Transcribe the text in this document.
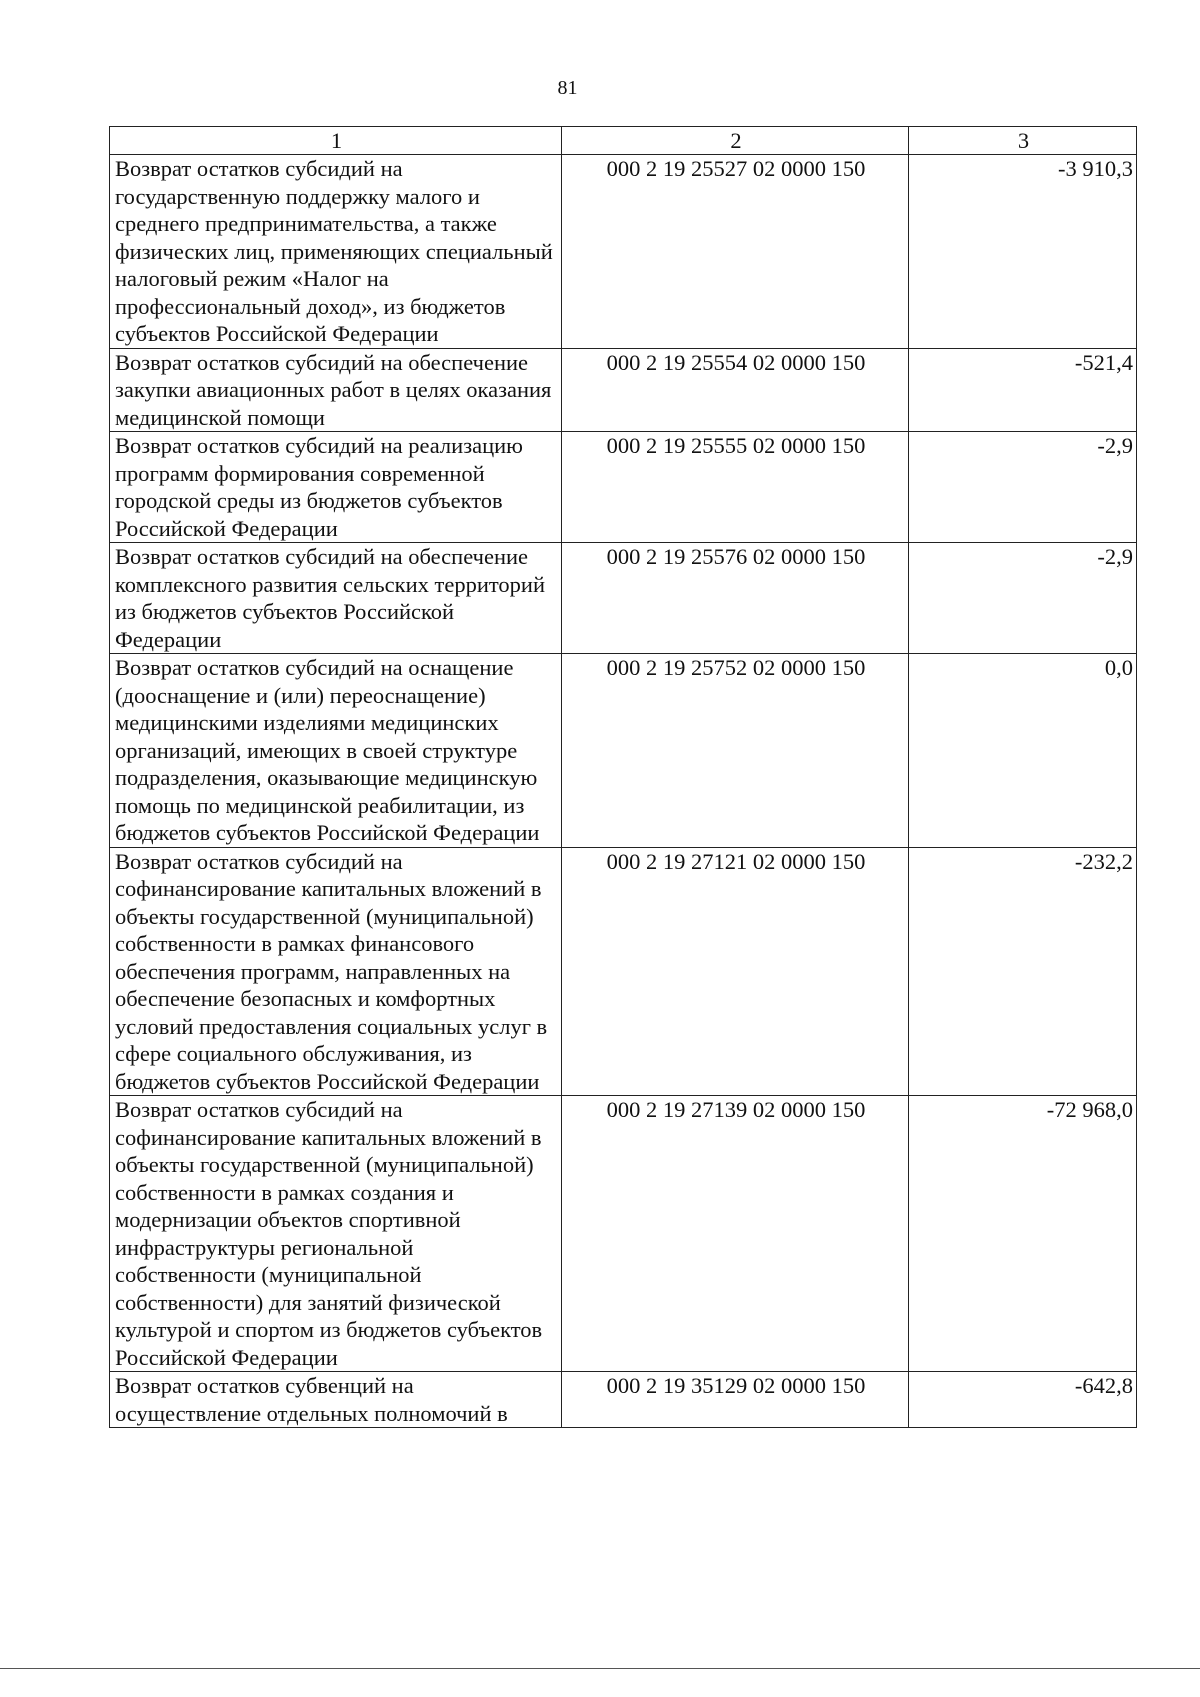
81
1	2	3
Возврат остатков субсидий на государственную поддержку малого и среднего предпринимательства, а также физических лиц, применяющих специальный налоговый режим «Налог на профессиональный доход», из бюджетов субъектов Российской Федерации	000 2 19 25527 02 0000 150	-3 910,3
Возврат остатков субсидий на обеспечение закупки авиационных работ в целях оказания медицинской помощи	000 2 19 25554 02 0000 150	-521,4
Возврат остатков субсидий на реализацию программ формирования современной городской среды из бюджетов субъектов Российской Федерации	000 2 19 25555 02 0000 150	-2,9
Возврат остатков субсидий на обеспечение комплексного развития сельских территорий из бюджетов субъектов Российской Федерации	000 2 19 25576 02 0000 150	-2,9
Возврат остатков субсидий на оснащение (дооснащение и (или) переоснащение) медицинскими изделиями медицинских организаций, имеющих в своей структуре подразделения, оказывающие медицинскую помощь по медицинской реабилитации, из бюджетов субъектов Российской Федерации	000 2 19 25752 02 0000 150	0,0
Возврат остатков субсидий на софинансирование капитальных вложений в объекты государственной (муниципальной) собственности в рамках финансового обеспечения программ, направленных на обеспечение безопасных и комфортных условий предоставления социальных услуг в сфере социального обслуживания, из бюджетов субъектов Российской Федерации	000 2 19 27121 02 0000 150	-232,2
Возврат остатков субсидий на софинансирование капитальных вложений в объекты государственной (муниципальной) собственности в рамках создания и модернизации объектов спортивной инфраструктуры региональной собственности (муниципальной собственности) для занятий физической культурой и спортом из бюджетов субъектов Российской Федерации	000 2 19 27139 02 0000 150	-72 968,0
Возврат остатков субвенций на осуществление отдельных полномочий в	000 2 19 35129 02 0000 150	-642,8
